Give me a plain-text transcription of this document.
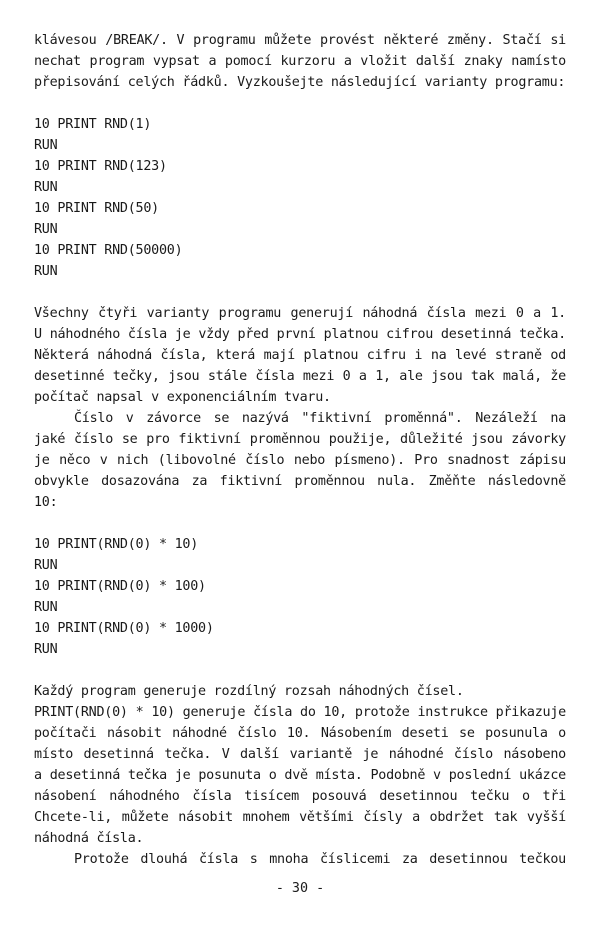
klávesou /BREAK/. V programu můžete provést některé změny. Stačí si
nechat program vypsat a pomocí kurzoru a vložit další znaky namísto
přepisování celých řádků. Vyzkoušejte následující varianty programu:
10 PRINT RND(1)
RUN
10 PRINT RND(123)
RUN
10 PRINT RND(50)
RUN
10 PRINT RND(50000)
RUN
Všechny čtyři varianty programu generují náhodná čísla mezi 0 a 1.
U náhodného čísla je vždy před první platnou cifrou desetinná tečka.
Některá náhodná čísla, která mají platnou cifru i na levé straně od
desetinné tečky, jsou stále čísla mezi 0 a 1, ale jsou tak malá, že
počítač napsal v exponenciálním tvaru.
Číslo v závorce se nazývá "fiktivní proměnná". Nezáleží na
jaké číslo se pro fiktivní proměnnou použije, důležité jsou závorky
je něco v nich (libovolné číslo nebo písmeno). Pro snadnost zápisu
obvykle dosazována za fiktivní proměnnou nula. Změňte následovně
10:
10 PRINT(RND(0) * 10)
RUN
10 PRINT(RND(0) * 100)
RUN
10 PRINT(RND(0) * 1000)
RUN
Každý program generuje rozdílný rozsah náhodných čísel.
PRINT(RND(0) * 10) generuje čísla do 10, protože instrukce přikazuje
počítači násobit náhodné číslo 10. Násobením deseti se posunula o
místo desetinná tečka. V další variantě je náhodné číslo násobeno
a desetinná tečka je posunuta o dvě místa. Podobně v poslední ukázce
násobení náhodného čísla tisícem posouvá desetinnou tečku o tři
Chcete-li, můžete násobit mnohem většími čísly a obdržet tak vyšší
náhodná čísla.
Protože dlouhá čísla s mnoha číslicemi za desetinnou tečkou
- 30 -
